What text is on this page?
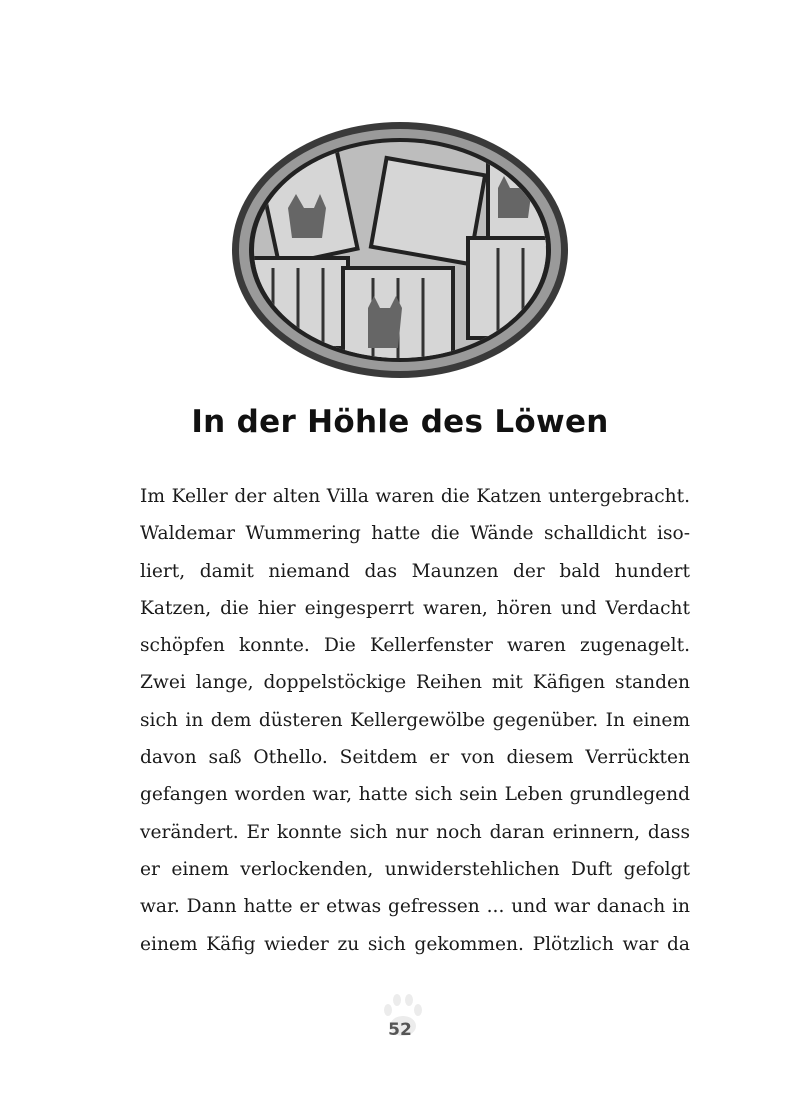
In der Höhle des Löwen
Im Keller der alten Villa waren die Katzen untergebracht.
Waldemar Wummering hatte die Wände schalldicht iso-
liert, damit niemand das Maunzen der bald hundert
Katzen, die hier eingesperrt waren, hören und Verdacht
schöpfen konnte. Die Kellerfenster waren zugenagelt.
Zwei lange, doppelstöckige Reihen mit Käfigen standen
sich in dem düsteren Kellergewölbe gegenüber. In einem
davon saß Othello. Seitdem er von diesem Verrückten
gefangen worden war, hatte sich sein Leben grundlegend
verändert. Er konnte sich nur noch daran erinnern, dass
er einem verlockenden, unwiderstehlichen Duft gefolgt
war. Dann hatte er etwas gefressen ... und war danach in
einem Käfig wieder zu sich gekommen. Plötzlich war da
52
